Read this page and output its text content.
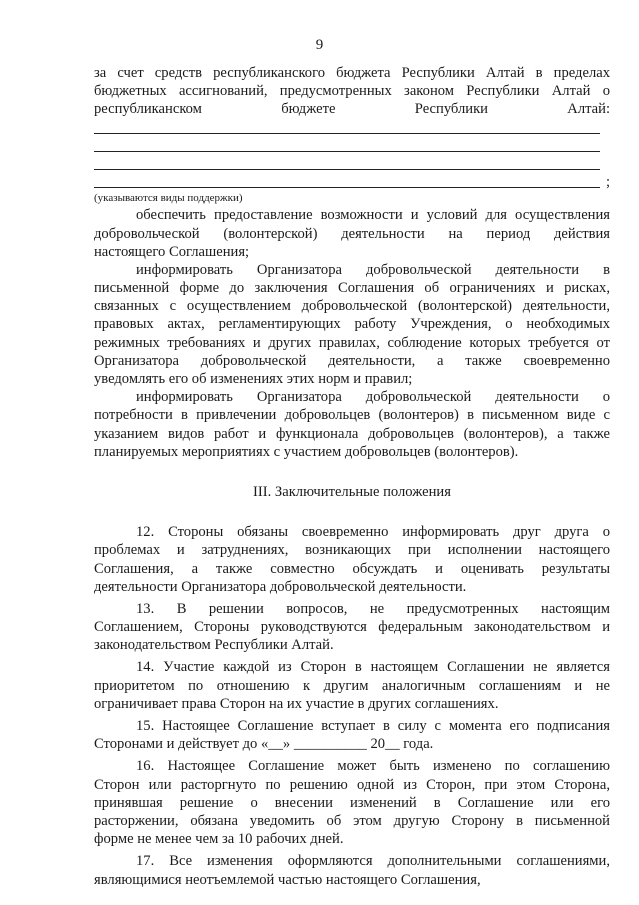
9
за счет средств республиканского бюджета Республики Алтай в пределах
бюджетных ассигнований, предусмотренных законом Республики Алтай о
республиканском бюджете Республики Алтай:
;
(указываются виды поддержки)
обеспечить предоставление возможности и условий для осуществления
добровольческой (волонтерской) деятельности на период действия
настоящего Соглашения;
информировать Организатора добровольческой деятельности в
письменной форме до заключения Соглашения об ограничениях и рисках,
связанных с осуществлением добровольческой (волонтерской) деятельности,
правовых актах, регламентирующих работу Учреждения, о необходимых
режимных требованиях и других правилах, соблюдение которых требуется от
Организатора добровольческой деятельности, а также своевременно
уведомлять его об изменениях этих норм и правил;
информировать Организатора добровольческой деятельности о
потребности в привлечении добровольцев (волонтеров) в письменном виде с
указанием видов работ и функционала добровольцев (волонтеров), а также
планируемых мероприятиях с участием добровольцев (волонтеров).
III. Заключительные положения
12. Стороны обязаны своевременно информировать друг друга о
проблемах и затруднениях, возникающих при исполнении настоящего
Соглашения, а также совместно обсуждать и оценивать результаты
деятельности Организатора добровольческой деятельности.
13. В решении вопросов, не предусмотренных настоящим
Соглашением, Стороны руководствуются федеральным законодательством и
законодательством Республики Алтай.
14. Участие каждой из Сторон в настоящем Соглашении не является
приоритетом по отношению к другим аналогичным соглашениям и не
ограничивает права Сторон на их участие в других соглашениях.
15. Настоящее Соглашение вступает в силу с момента его подписания
Сторонами и действует до «__» __________ 20__ года.
16. Настоящее Соглашение может быть изменено по соглашению
Сторон или расторгнуто по решению одной из Сторон, при этом Сторона,
принявшая решение о внесении изменений в Соглашение или его
расторжении, обязана уведомить об этом другую Сторону в письменной
форме не менее чем за 10 рабочих дней.
17. Все изменения оформляются дополнительными соглашениями,
являющимися неотъемлемой частью настоящего Соглашения,
